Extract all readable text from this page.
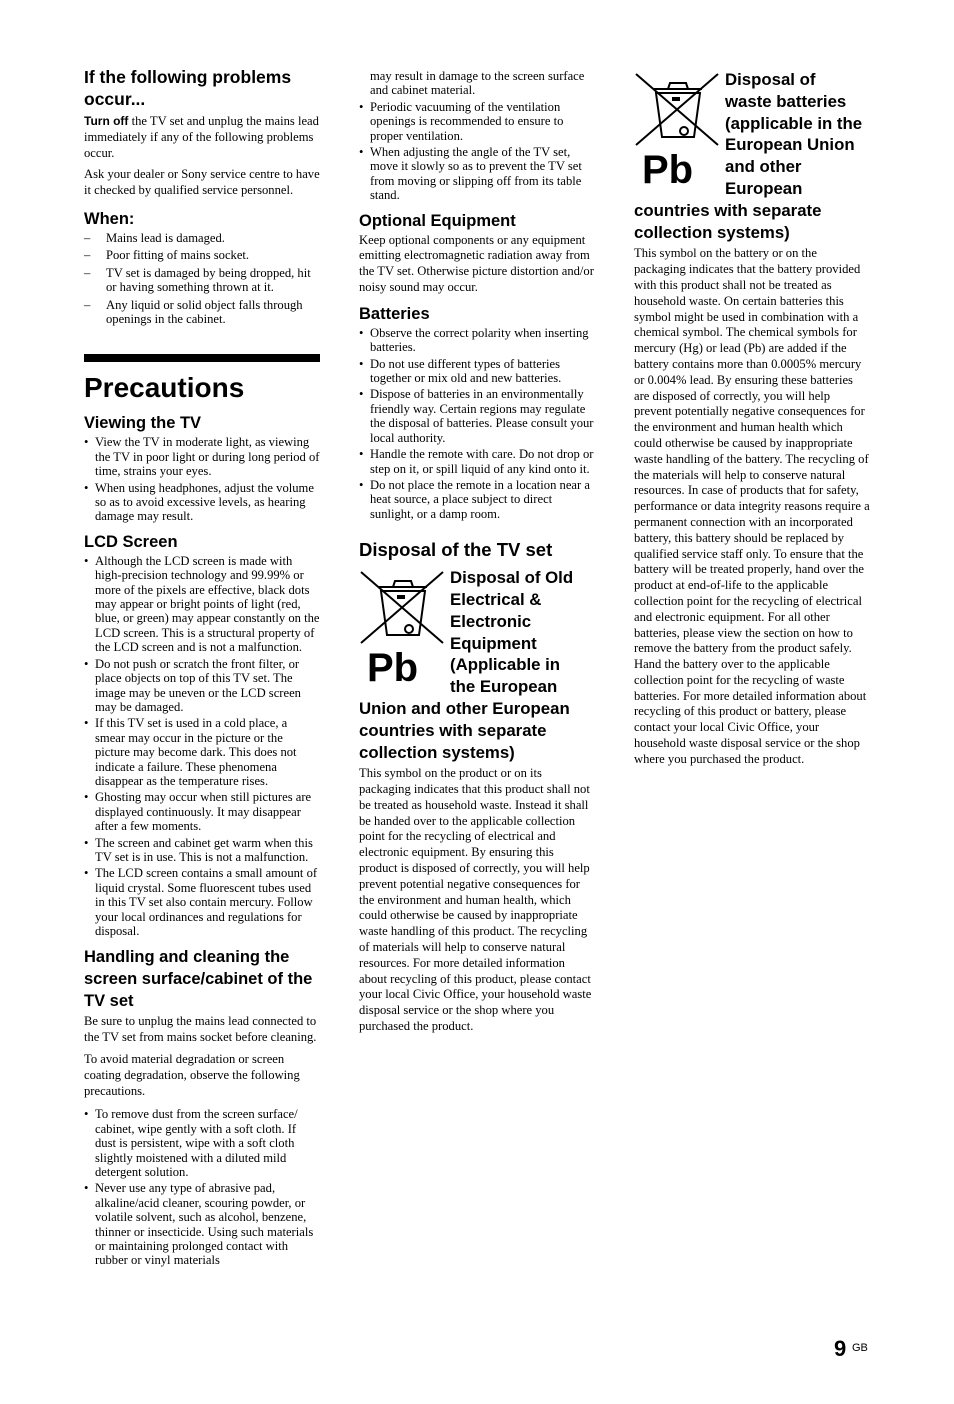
If the following problems occur...

Turn off the TV set and unplug the mains lead immediately if any of the following problems occur.

Ask your dealer or Sony service centre to have it checked by qualified service personnel.

When:
– Mains lead is damaged.
– Poor fitting of mains socket.
– TV set is damaged by being dropped, hit or having something thrown at it.
– Any liquid or solid object falls through openings in the cabinet.
Precautions
Viewing the TV
• View the TV in moderate light, as viewing the TV in poor light or during long period of time, strains your eyes.
• When using headphones, adjust the volume so as to avoid excessive levels, as hearing damage may result.
LCD Screen
• Although the LCD screen is made with high-precision technology and 99.99% or more of the pixels are effective, black dots may appear or bright points of light (red, blue, or green) may appear constantly on the LCD screen. This is a structural property of the LCD screen and is not a malfunction.
• Do not push or scratch the front filter, or place objects on top of this TV set. The image may be uneven or the LCD screen may be damaged.
• If this TV set is used in a cold place, a smear may occur in the picture or the picture may become dark. This does not indicate a failure. These phenomena disappear as the temperature rises.
• Ghosting may occur when still pictures are displayed continuously. It may disappear after a few moments.
• The screen and cabinet get warm when this TV set is in use. This is not a malfunction.
• The LCD screen contains a small amount of liquid crystal. Some fluorescent tubes used in this TV set also contain mercury. Follow your local ordinances and regulations for disposal.
Handling and cleaning the screen surface/cabinet of the TV set

Be sure to unplug the mains lead connected to the TV set from mains socket before cleaning.

To avoid material degradation or screen coating degradation, observe the following precautions.

• To remove dust from the screen surface/ cabinet, wipe gently with a soft cloth. If dust is persistent, wipe with a soft cloth slightly moistened with a diluted mild detergent solution.
• Never use any type of abrasive pad, alkaline/acid cleaner, scouring powder, or volatile solvent, such as alcohol, benzene, thinner or insecticide. Using such materials or maintaining prolonged contact with rubber or vinyl materials
may result in damage to the screen surface and cabinet material.
• Periodic vacuuming of the ventilation openings is recommended to ensure to proper ventilation.
• When adjusting the angle of the TV set, move it slowly so as to prevent the TV set from moving or slipping off from its table stand.
Optional Equipment

Keep optional components or any equipment emitting electromagnetic radiation away from the TV set. Otherwise picture distortion and/or noisy sound may occur.

Batteries
• Observe the correct polarity when inserting batteries.
• Do not use different types of batteries together or mix old and new batteries.
• Dispose of batteries in an environmentally friendly way. Certain regions may regulate the disposal of batteries. Please consult your local authority.
• Handle the remote with care. Do not drop or step on it, or spill liquid of any kind onto it.
• Do not place the remote in a location near a heat source, a place subject to direct sunlight, or a damp room.
Disposal of the TV set
Pb
Disposal of Old
Electrical &
Electronic
Equipment
(Applicable in
the European
Union and other European countries with separate collection systems)

This symbol on the product or on its packaging indicates that this product shall not be treated as household waste. Instead it shall be handed over to the applicable collection point for the recycling of electrical and electronic equipment. By ensuring this product is disposed of correctly, you will help prevent potential negative consequences for the environment and human health, which could otherwise be caused by inappropriate waste handling of this product. The recycling of materials will help to conserve natural resources. For more detailed information about recycling of this product, please contact your local Civic Office, your household waste disposal service or the shop where you purchased the product.

Pb
Disposal of
waste batteries
(applicable in the
European Union
and other
European
countries with separate collection systems)

This symbol on the battery or on the packaging indicates that the battery provided with this product shall not be treated as household waste. On certain batteries this symbol might be used in combination with a chemical symbol. The chemical symbols for mercury (Hg) or lead (Pb) are added if the battery contains more than 0.0005% mercury or 0.004% lead. By ensuring these batteries are disposed of correctly, you will help prevent potentially negative consequences for the environment and human health which could otherwise be caused by inappropriate waste handling of the battery. The recycling of the materials will help to conserve natural resources. In case of products that for safety, performance or data integrity reasons require a permanent connection with an incorporated battery, this battery should be replaced by qualified service staff only. To ensure that the battery will be treated properly, hand over the product at end-of-life to the applicable collection point for the recycling of electrical and electronic equipment. For all other batteries, please view the section on how to remove the battery from the product safely. Hand the battery over to the applicable collection point for the recycling of waste batteries. For more detailed information about recycling of this product or battery, please contact your local Civic Office, your household waste disposal service or the shop where you purchased the product.

9 GB
